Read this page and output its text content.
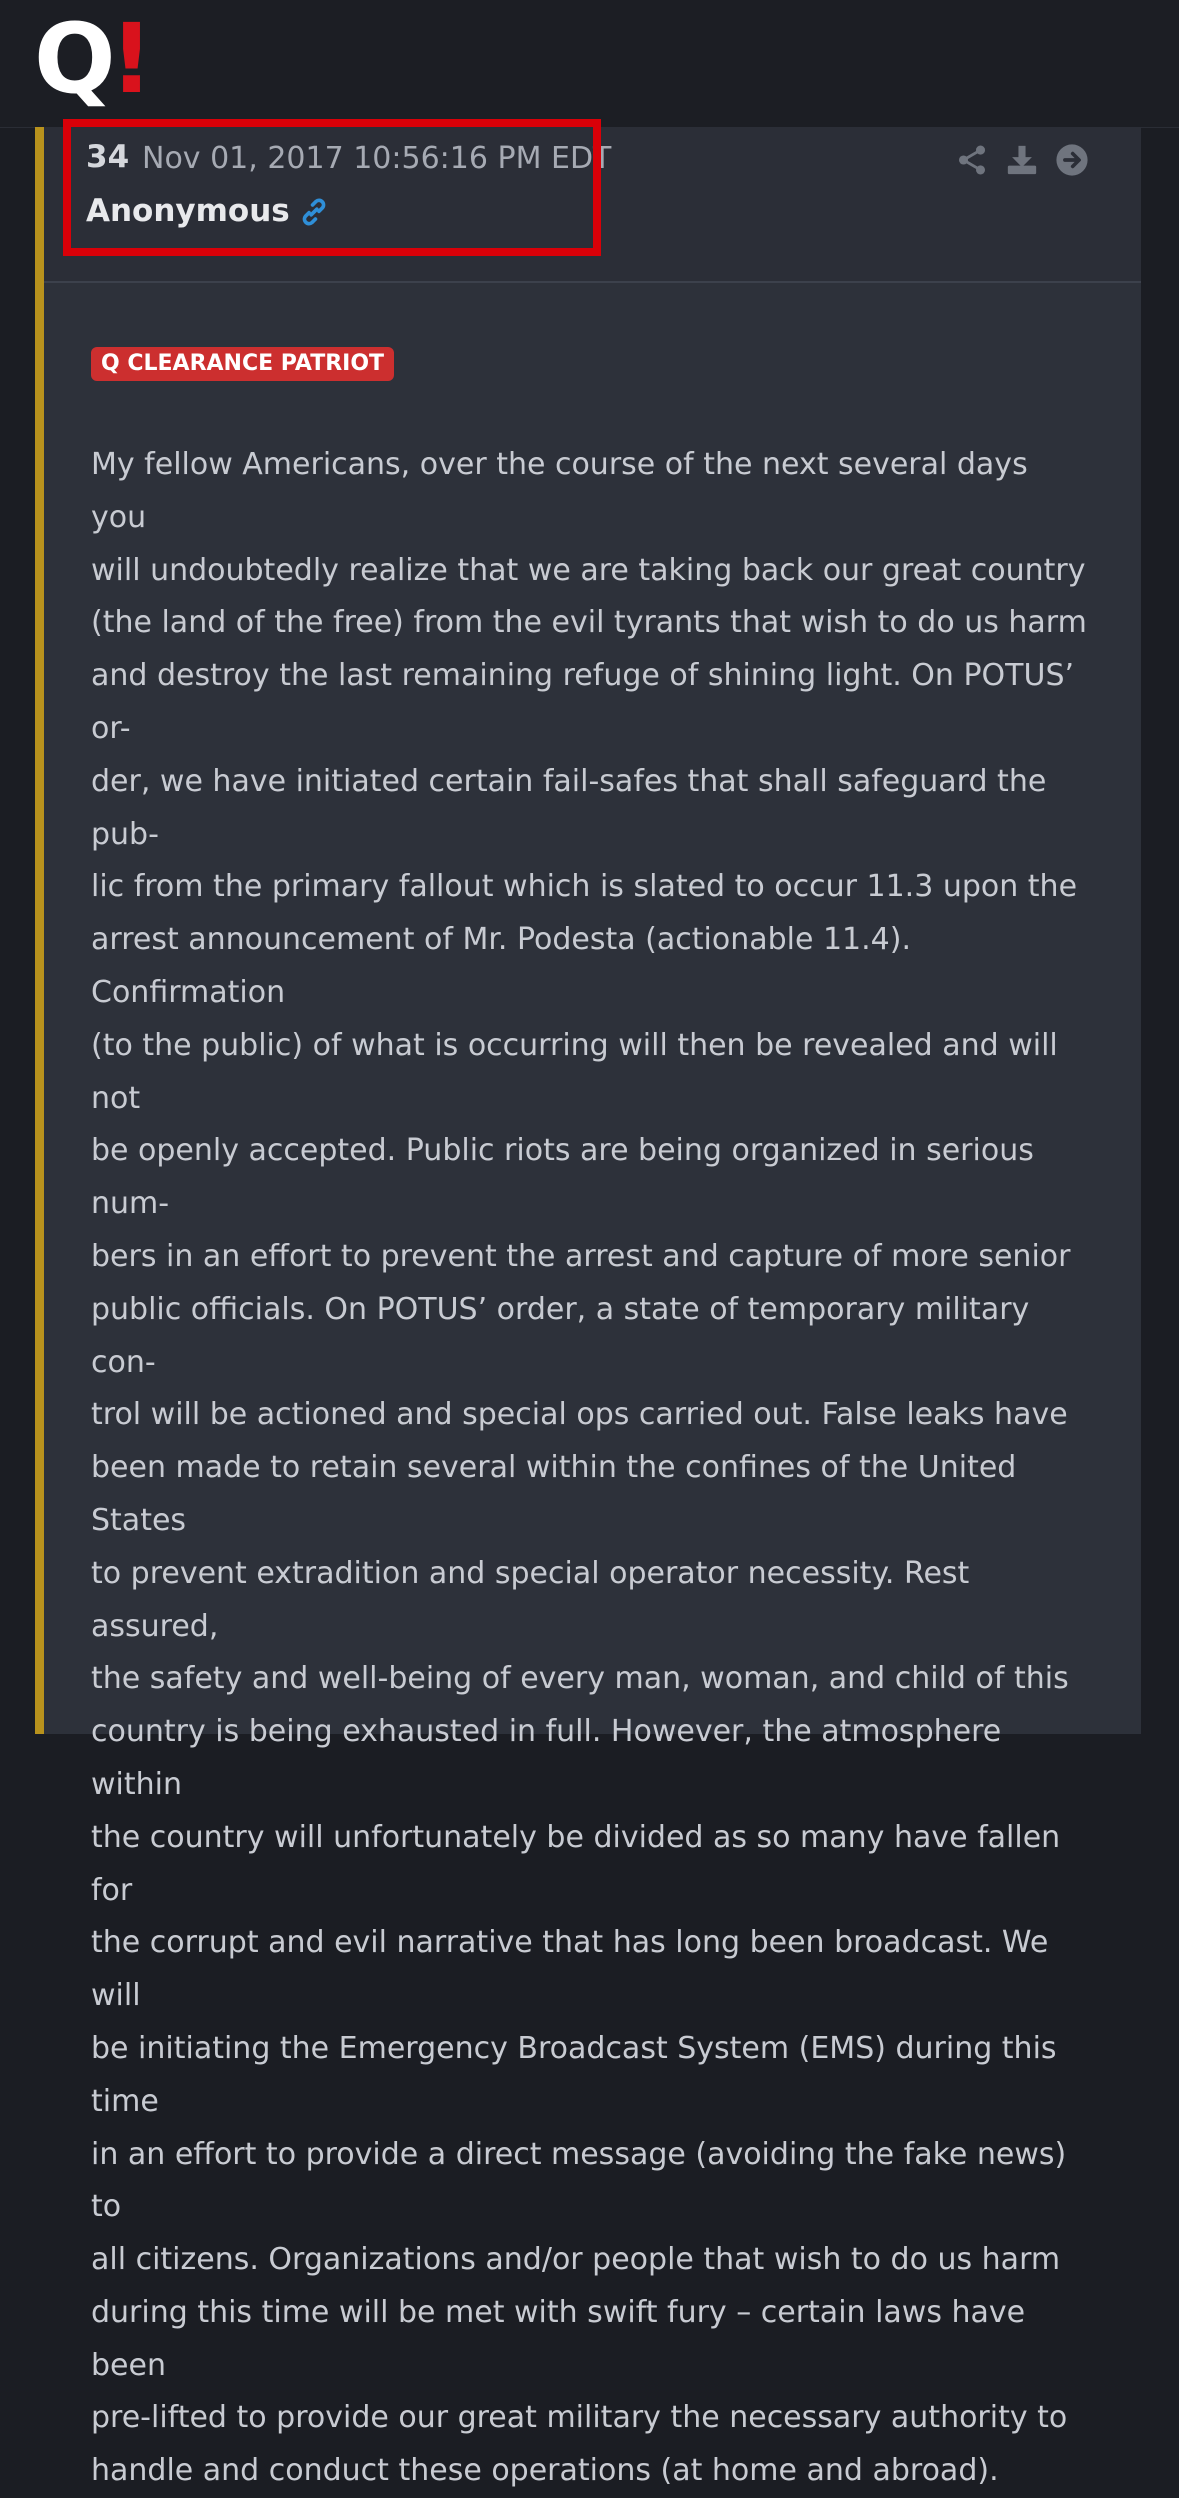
Q
!
34 Nov 01, 2017 10:56:16 PM EDT
Anonymous
Q CLEARANCE PATRIOT
My fellow Americans, over the course of the next several days you
will undoubtedly realize that we are taking back our great country
(the land of the free) from the evil tyrants that wish to do us harm
and destroy the last remaining refuge of shining light. On POTUS’ or-
der, we have initiated certain fail-safes that shall safeguard the pub-
lic from the primary fallout which is slated to occur 11.3 upon the
arrest announcement of Mr. Podesta (actionable 11.4). Confirmation
(to the public) of what is occurring will then be revealed and will not
be openly accepted. Public riots are being organized in serious num-
bers in an effort to prevent the arrest and capture of more senior
public officials. On POTUS’ order, a state of temporary military con-
trol will be actioned and special ops carried out. False leaks have
been made to retain several within the confines of the United States
to prevent extradition and special operator necessity. Rest assured,
the safety and well-being of every man, woman, and child of this
country is being exhausted in full. However, the atmosphere within
the country will unfortunately be divided as so many have fallen for
the corrupt and evil narrative that has long been broadcast. We will
be initiating the Emergency Broadcast System (EMS) during this time
in an effort to provide a direct message (avoiding the fake news) to
all citizens. Organizations and/or people that wish to do us harm
during this time will be met with swift fury – certain laws have been
pre-lifted to provide our great military the necessary authority to
handle and conduct these operations (at home and abroad).
